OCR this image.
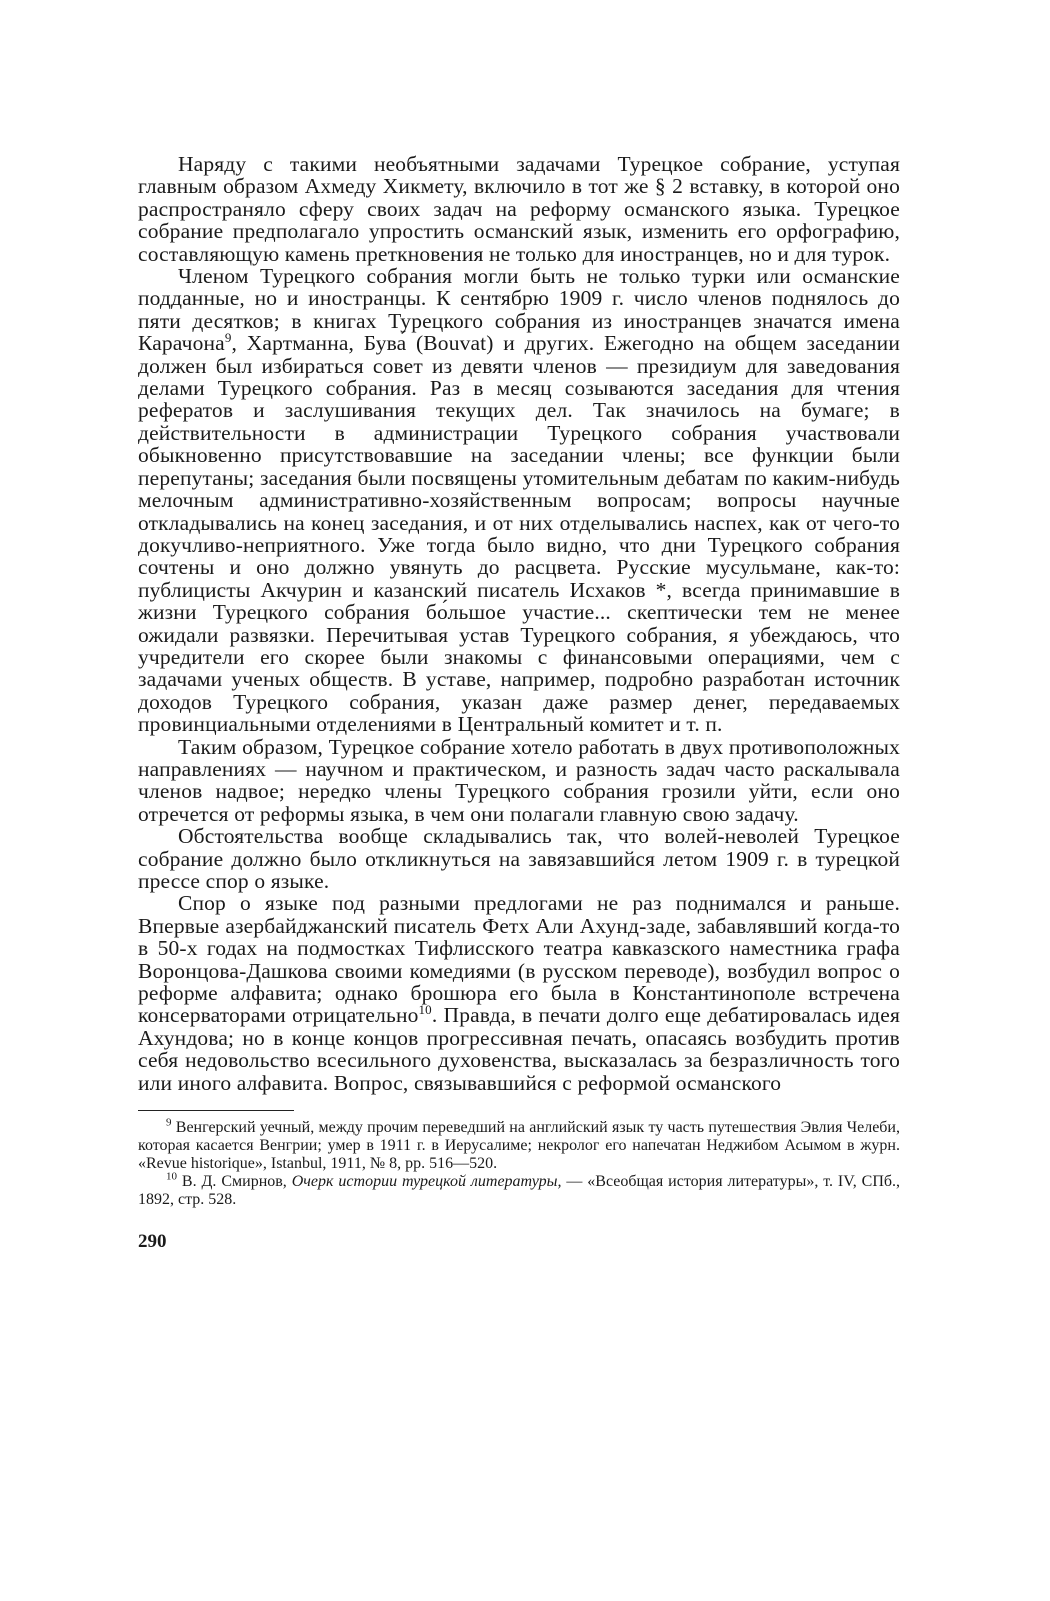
Наряду с такими необъятными задачами Турецкое собрание, уступая главным образом Ахмеду Хикмету, включило в тот же § 2 вставку, в которой оно распространяло сферу своих задач на реформу османского языка. Турецкое собрание предполагало упростить османский язык, изменить его орфографию, составляющую камень преткновения не только для иностранцев, но и для турок.

Членом Турецкого собрания могли быть не только турки или османские подданные, но и иностранцы. К сентябрю 1909 г. число членов поднялось до пяти десятков; в книгах Турецкого собрания из иностранцев значатся имена Карачона$^9$, Хартманна, Бува́ (Bouvat) и других. Ежегодно на общем заседании должен был избираться совет из девяти членов — президиум для заведования делами Турецкого собрания. Раз в месяц созываются заседания для чтения рефератов и заслушивания текущих дел. Так значилось на бумаге; в действительности в администрации Турецкого собрания участвовали обыкновенно присутствовавшие на заседании члены; все функции были перепутаны; заседания были посвящены утомительным дебатам по каким-нибудь мелочным административно-хозяйственным вопросам; вопросы научные откладывались на конец заседания, и от них отделывались наспех, как от чего-то докучливо-неприятного. Уже тогда было видно, что дни Турецкого собрания сочтены и оно должно увянуть до расцвета. Русские мусульмане, как-то: публицисты Акчурин и казанский писатель Исхаков *, всегда принимавшие в жизни Турецкого собрания бо́льшое участие... скептически тем не менее ожидали развязки. Перечитывая устав Турецкого собрания, я убеждаюсь, что учредители его скорее были знакомы с финансовыми операциями, чем с задачами ученых обществ. В уставе, например, подробно разработан источник доходов Турецкого собрания, указан даже размер денег, передаваемых провинциальными отделениями в Центральный комитет и т. п.

Таким образом, Турецкое собрание хотело работать в двух противоположных направлениях — научном и практическом, и разность задач часто раскалывала членов надвое; нередко члены Турецкого собрания грозили уйти, если оно отречется от реформы языка, в чем они полагали главную свою задачу.

Обстоятельства вообще складывались так, что волей-неволей Турецкое собрание должно было откликнуться на завязавшийся летом 1909 г. в турецкой прессе спор о языке.

Спор о языке под разными предлогами не раз поднимался и раньше. Впервые азербайджанский писатель Фетх Али Ахунд-заде, забавлявший когда-то в 50-х годах на подмостках Тифлисского театра кавказского наместника графа Воронцова-Дашкова своими комедиями (в русском переводе), возбудил вопрос о реформе алфавита; однако брошюра его была в Константинополе встречена консерваторами отрицательно$^{10}$. Правда, в печати долго еще дебатировалась идея Ахундова; но в конце концов прогрессивная печать, опасаясь возбудить против себя недовольство всесильного духовенства, высказалась за безразличность того или иного алфавита. Вопрос, связывавшийся с реформой османского

$^9$ Венгерский уечный, между прочим переведший на английский язык ту часть путешествия Эвлия Челеби, которая касается Венгрии; умер в 1911 г. в Иерусалиме; некролог его напечатан Неджибом Асымом в журн. «Revue historique», Istanbul, 1911, № 8, pp. 516—520.

$^{10}$ В. Д. Смирнов, Очерк истории турецкой литературы, — «Всеобщая история литературы», т. IV, СПб., 1892, стр. 528.

290
